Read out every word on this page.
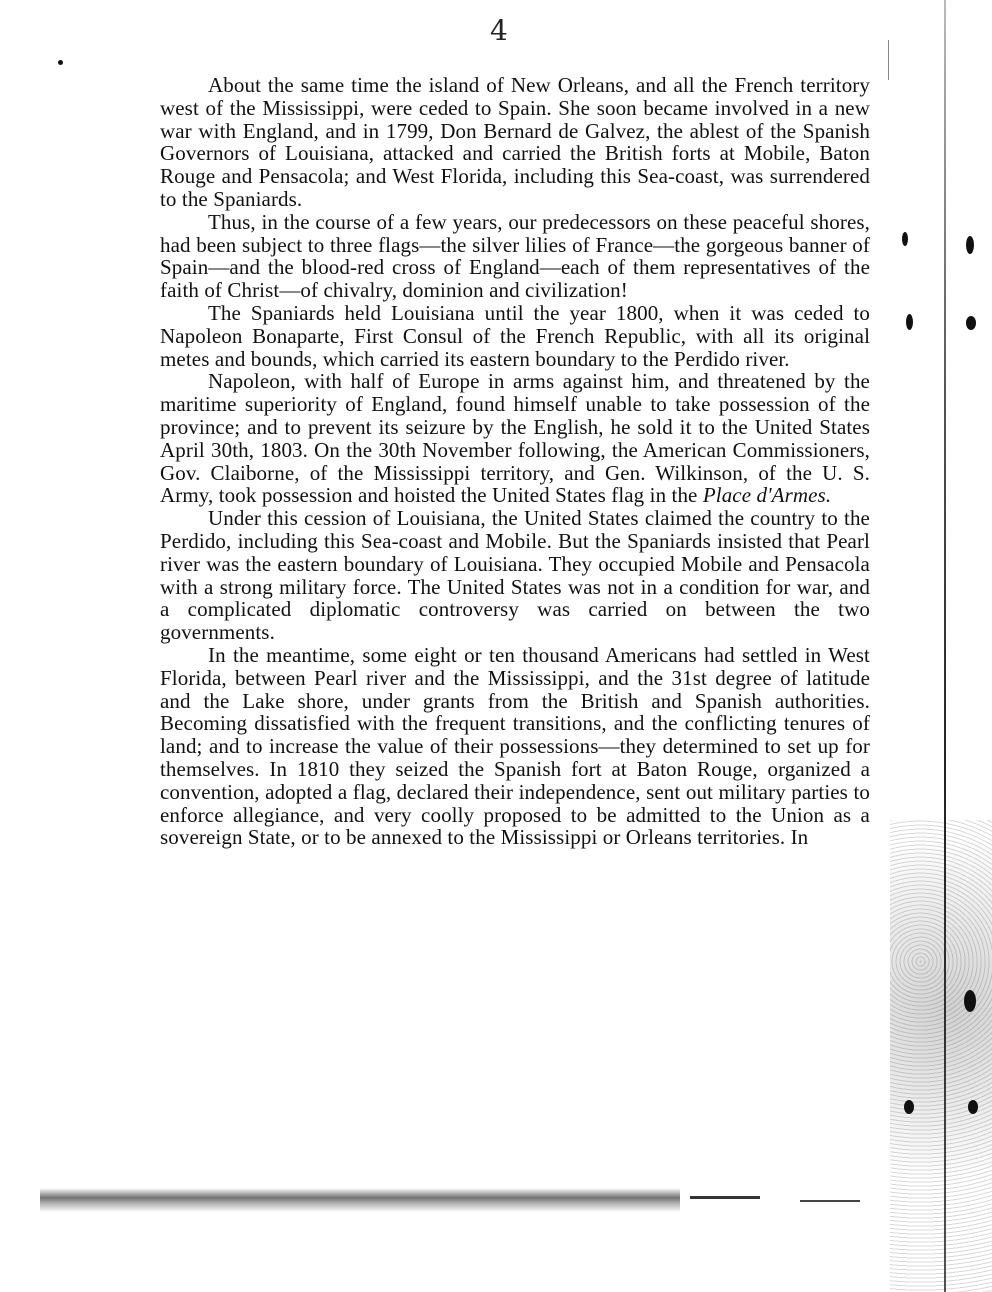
4

About the same time the island of New Orleans, and all the French territory west of the Mississippi, were ceded to Spain. She soon became involved in a new war with England, and in 1799, Don Bernard de Galvez, the ablest of the Spanish Governors of Louisiana, attacked and carried the British forts at Mobile, Baton Rouge and Pensacola; and West Florida, including this Sea-coast, was surrendered to the Spaniards.

Thus, in the course of a few years, our predecessors on these peaceful shores, had been subject to three flags—the silver lilies of France—the gorgeous banner of Spain—and the blood-red cross of England—each of them representatives of the faith of Christ—of chivalry, dominion and civilization!

The Spaniards held Louisiana until the year 1800, when it was ceded to Napoleon Bonaparte, First Consul of the French Republic, with all its original metes and bounds, which carried its eastern boundary to the Perdido river.

Napoleon, with half of Europe in arms against him, and threatened by the maritime superiority of England, found himself unable to take possession of the province; and to prevent its seizure by the English, he sold it to the United States April 30th, 1803. On the 30th November following, the American Commissioners, Gov. Claiborne, of the Mississippi territory, and Gen. Wilkinson, of the U. S. Army, took possession and hoisted the United States flag in the Place d'Armes.

Under this cession of Louisiana, the United States claimed the country to the Perdido, including this Sea-coast and Mobile. But the Spaniards insisted that Pearl river was the eastern boundary of Louisiana. They occupied Mobile and Pensacola with a strong military force. The United States was not in a condition for war, and a complicated diplomatic controversy was carried on between the two governments.

In the meantime, some eight or ten thousand Americans had settled in West Florida, between Pearl river and the Mississippi, and the 31st degree of latitude and the Lake shore, under grants from the British and Spanish authorities. Becoming dissatisfied with the frequent transitions, and the conflicting tenures of land; and to increase the value of their possessions—they determined to set up for themselves. In 1810 they seized the Spanish fort at Baton Rouge, organized a convention, adopted a flag, declared their independence, sent out military parties to enforce allegiance, and very coolly proposed to be admitted to the Union as a sovereign State, or to be annexed to the Mississippi or Orleans territories. In
